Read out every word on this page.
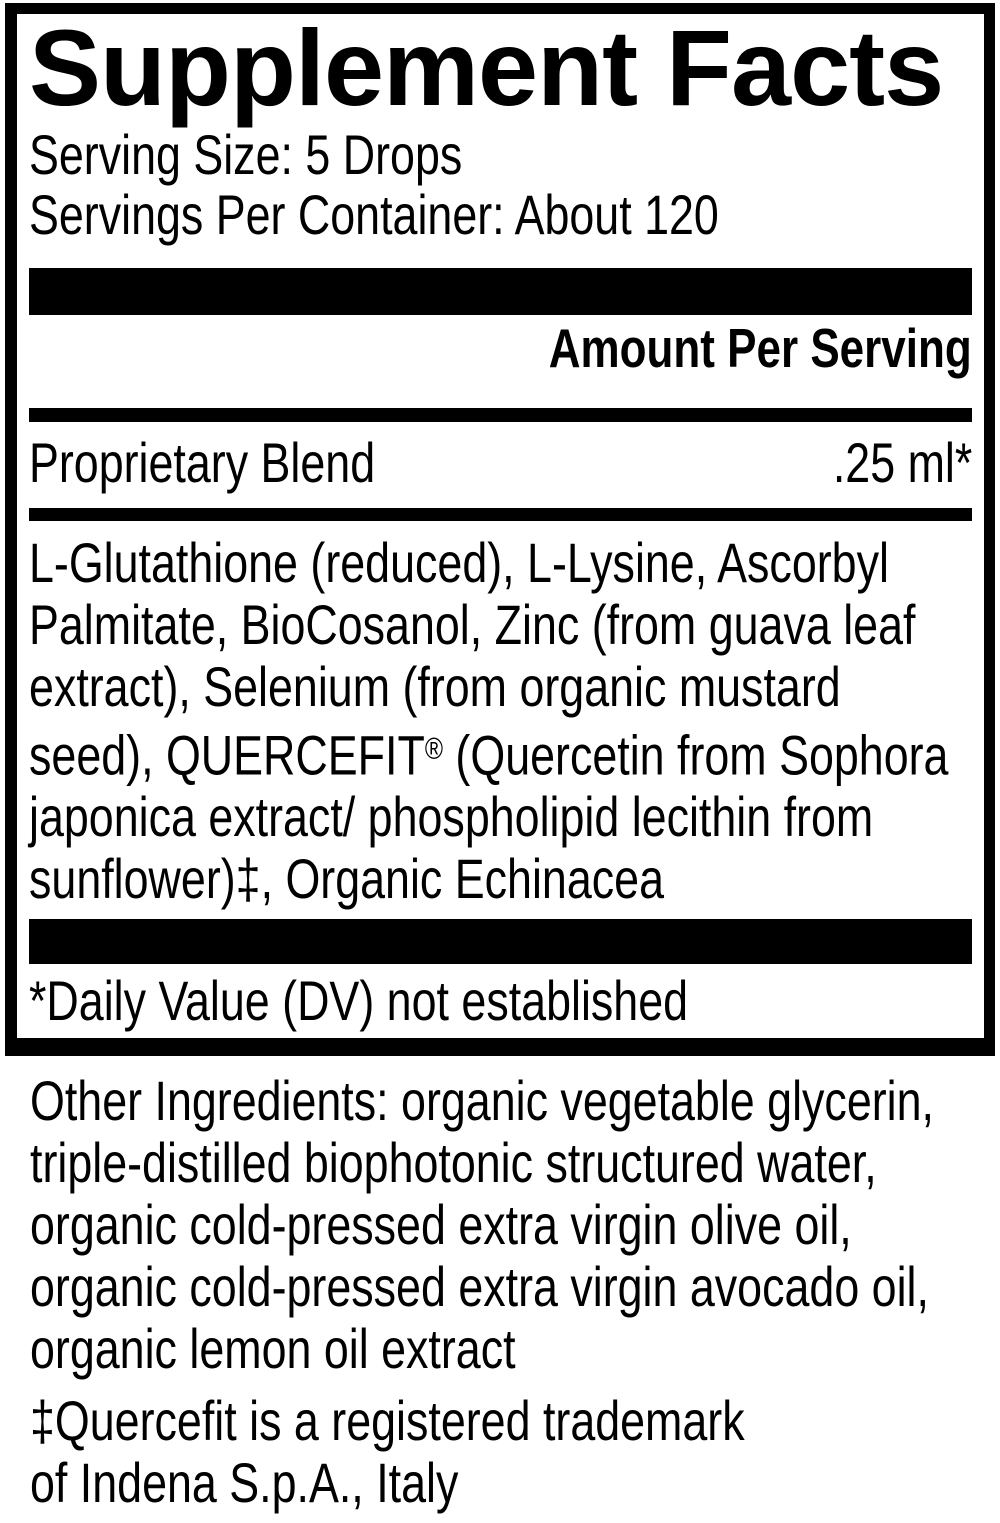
Supplement Facts
Serving Size: 5 Drops
Servings Per Container: About 120
Amount Per Serving
Proprietary Blend	.25 ml*
L-Glutathione (reduced), L-Lysine, Ascorbyl
Palmitate, BioCosanol, Zinc (from guava leaf
extract), Selenium (from organic mustard
seed), QUERCEFIT® (Quercetin from Sophora
japonica extract/ phospholipid lecithin from
sunflower)‡, Organic Echinacea
*Daily Value (DV) not established
Other Ingredients: organic vegetable glycerin,
triple-distilled biophotonic structured water,
organic cold-pressed extra virgin olive oil,
organic cold-pressed extra virgin avocado oil,
organic lemon oil extract
‡Quercefit is a registered trademark
of Indena S.p.A., Italy
